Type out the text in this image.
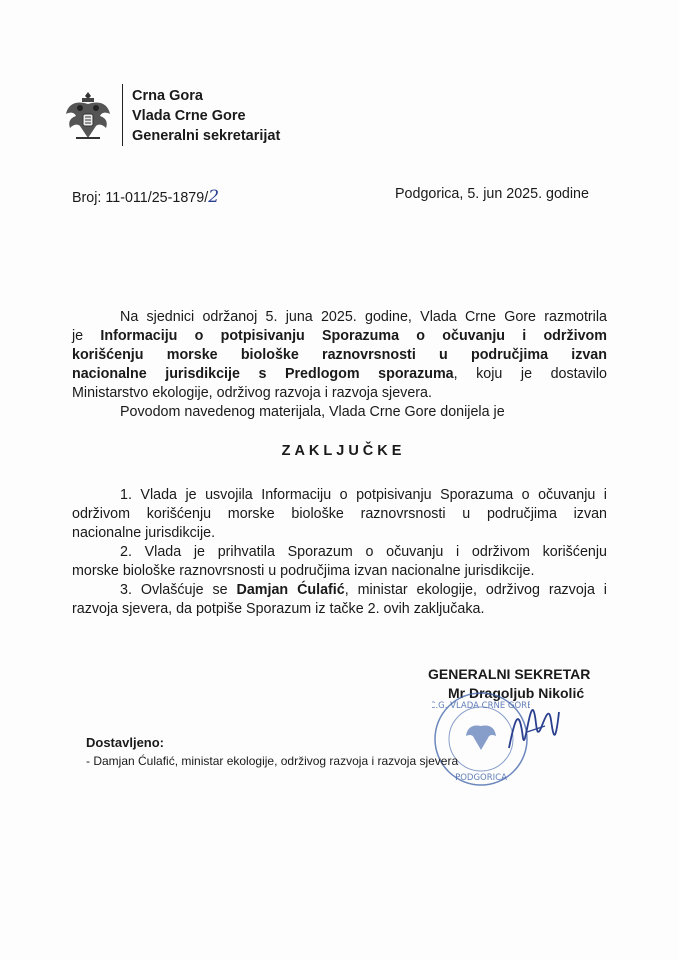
Crna Gora
Vlada Crne Gore
Generalni sekretarijat
Broj: 11-011/25-1879/2	Podgorica, 5. jun 2025. godine
Na sjednici održanoj 5. juna 2025. godine, Vlada Crne Gore razmotrila
je Informaciju o potpisivanju Sporazuma o očuvanju i održivom
korišćenju morske biološke raznovrsnosti u područjima izvan
nacionalne jurisdikcije s Predlogom sporazuma, koju je dostavilo
Ministarstvo ekologije, održivog razvoja i razvoja sjevera.
Povodom navedenog materijala, Vlada Crne Gore donijela je
ZAKLJUČKE
1. Vlada je usvojila Informaciju o potpisivanju Sporazuma o očuvanju i
održivom korišćenju morske biološke raznovrsnosti u područjima izvan
nacionalne jurisdikcije.
2. Vlada je prihvatila Sporazum o očuvanju i održivom korišćenju
morske biološke raznovrsnosti u područjima izvan nacionalne jurisdikcije.
3. Ovlašćuje se Damjan Ćulafić, ministar ekologije, održivog razvoja i
razvoja sjevera, da potpiše Sporazum iz tačke 2. ovih zaključaka.
GENERALNI SEKRETAR
Mr Dragoljub Nikolić
C.G. VLADA CRNE GORE
PODGORICA
Dostavljeno:
- Damjan Ćulafić, ministar ekologije, održivog razvoja i razvoja sjevera
